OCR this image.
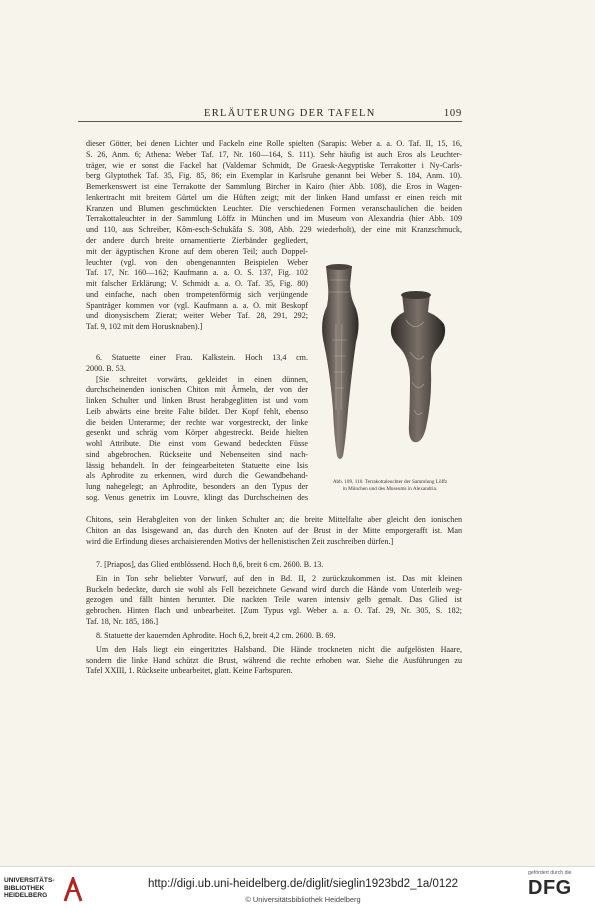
ERLÄUTERUNG DER TAFELN	109
dieser Götter, bei denen Lichter und Fackeln eine Rolle spielten (Sarapis: Weber a. a. O. Taf. II, 15, 16,
S. 26, Anm. 6; Athena: Weber Taf. 17, Nr. 160—164, S. 111). Sehr häufig ist auch Eros als Leuchter-
träger, wie er sonst die Fackel hat (Valdemar Schmidt, De Graesk-Aegyptiske Terrakotter i Ny-Carls-
berg Glyptothek Taf. 35, Fig. 85, 86; ein Exemplar in Karlsruhe genannt bei Weber S. 184, Anm. 10).
Bemerkenswert ist eine Terrakotte der Sammlung Bircher in Kairo (hier Abb. 108), die Eros in Wagen-
lenkertracht mit breitem Gürtel um die Hüften zeigt; mit der linken Hand umfasst er einen reich mit
Kranzen und Blumen geschmückten Leuchter. Die verschiedenen Formen veranschaulichen die beiden
Terrakottaleuchter in der Sammlung Löffz in München und im Museum von Alexandria (hier Abb. 109
und 110, aus Schreiber, Kôm-esch-Schukâfa S. 308, Abb. 229 wiederholt), der eine mit Kranzschmuck,
der andere durch breite ornamentierte Zierbänder gegliedert,
mit der ägyptischen Krone auf dem oberen Teil; auch Doppel-
leuchter (vgl. von den obengenannten Beispielen Weber
Taf. 17, Nr. 160—162; Kaufmann a. a. O. S. 137, Fig. 102
mit falscher Erklärung; V. Schmidt a. a. O. Taf. 35, Fig. 80)
und einfache, nach oben trompetenförmig sich verjüngende
Spanträger kommen vor (vgl. Kaufmann a. a. O. mit Beskopf
und dionysischem Zierat; weiter Weber Taf. 28, 291, 292;
Taf. 9, 102 mit dem Horusknaben).]
6. Statuette einer Frau. Kalkstein. Hoch 13,4 cm.
2000. B. 53.
[Sie schreitet vorwärts, gekleidet in einen dünnen,
durchscheinenden ionischen Chiton mit Ärmeln, der von der
linken Schulter und linken Brust herabgeglitten ist und vom
Leib abwärts eine breite Falte bildet. Der Kopf fehlt, ebenso
die beiden Unterarme; der rechte war vorgestreckt, der linke
gesenkt und schräg vom Körper abgestreckt. Beide hielten
wohl Attribute. Die einst vom Gewand bedeckten Füsse
sind abgebrochen. Rückseite und Nebenseiten sind nach-
lässig behandelt. In der feingearbeiteten Statuette eine Isis
als Aphrodite zu erkennen, wird durch die Gewandbehand-
lung nahegelegt; an Aphrodite, besonders an den Typus der
sog. Venus genetrix im Louvre, klingt das Durchscheinen des
Chitons, sein Herabgleiten von der linken Schulter an; die breite Mittelfalte aber gleicht den ionischen
Chiton an das Isisgewand an, das durch den Knoten auf der Brust in der Mitte emporgerafft ist. Man
wird die Erfindung dieses archaisierenden Motivs der hellenistischen Zeit zuschreiben dürfen.]
7. [Priapos], das Glied entblössend. Hoch 8,6, breit 6 cm. 2600. B. 13.
Ein in Ton sehr beliebter Vorwurf, auf den in Bd. II, 2 zurückzukommen ist. Das mit kleinen
Buckeln bedeckte, durch sie wohl als Fell bezeichnete Gewand wird durch die Hände vom Unterleib weg-
gezogen und fällt hinten herunter. Die nackten Teile waren intensiv gelb gemalt. Das Glied ist
gebrochen. Hinten flach und unbearbeitet. [Zum Typus vgl. Weber a. a. O. Taf. 29, Nr. 305, S. 182;
Taf. 18, Nr. 185, 186.]
8. Statuette der kauernden Aphrodite. Hoch 6,2, breit 4,2 cm. 2600. B. 69.
Um den Hals liegt ein eingeritztes Halsband. Die Hände trockneten nicht die aufgelösten Haare,
sondern die linke Hand schützt die Brust, während die rechte erhoben war. Siehe die Ausführungen zu
Tafel XXIII, 1. Rückseite unbearbeitet, glatt. Keine Farbspuren.
Abb. 109, 110. Terrakottaleuchter der Sammlung Löffz
in München und des Museums in Alexandria.
UNIVERSITÄTS-
BIBLIOTHEK
HEIDELBERG
http://digi.ub.uni-heidelberg.de/diglit/sieglin1923bd2_1a/0122
© Universitätsbibliothek Heidelberg
gefördert durch die
DFG
